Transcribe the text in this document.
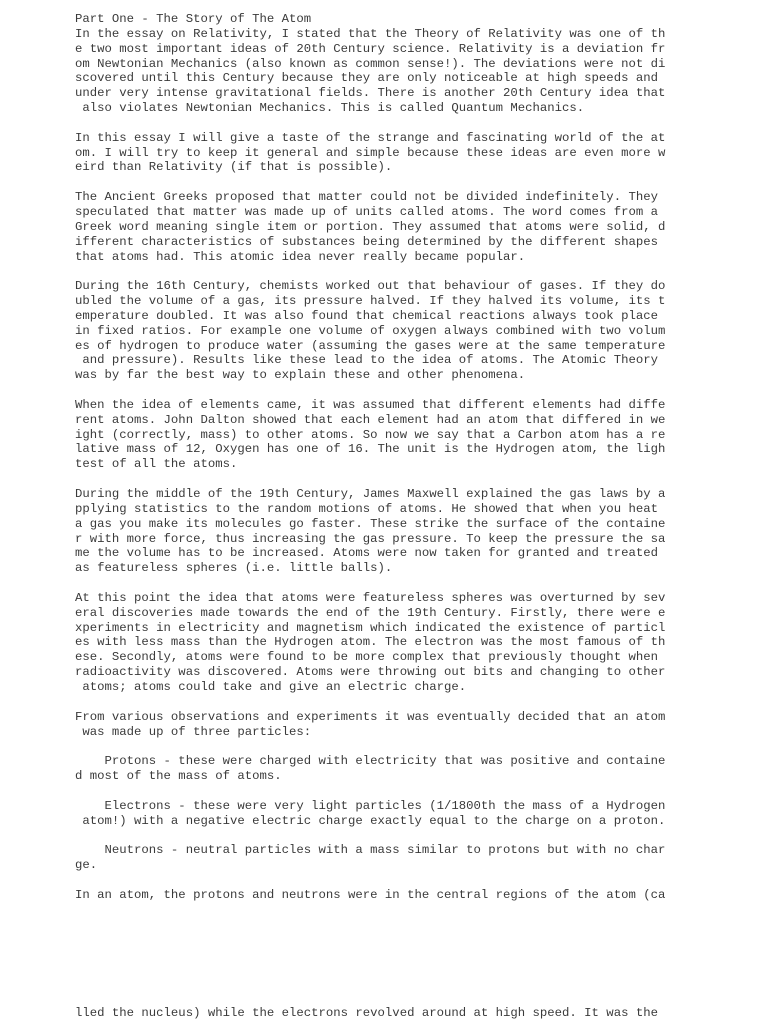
Part One - The Story of The Atom
In the essay on Relativity, I stated that the Theory of Relativity was one of th
e two most important ideas of 20th Century science. Relativity is a deviation fr
om Newtonian Mechanics (also known as common sense!). The deviations were not di
scovered until this Century because they are only noticeable at high speeds and
under very intense gravitational fields. There is another 20th Century idea that
also violates Newtonian Mechanics. This is called Quantum Mechanics.
In this essay I will give a taste of the strange and fascinating world of the at
om. I will try to keep it general and simple because these ideas are even more w
eird than Relativity (if that is possible).
The Ancient Greeks proposed that matter could not be divided indefinitely. They
speculated that matter was made up of units called atoms. The word comes from a
Greek word meaning single item or portion. They assumed that atoms were solid, d
ifferent characteristics of substances being determined by the different shapes
that atoms had. This atomic idea never really became popular.
During the 16th Century, chemists worked out that behaviour of gases. If they do
ubled the volume of a gas, its pressure halved. If they halved its volume, its t
emperature doubled. It was also found that chemical reactions always took place
in fixed ratios. For example one volume of oxygen always combined with two volum
es of hydrogen to produce water (assuming the gases were at the same temperature
and pressure). Results like these lead to the idea of atoms. The Atomic Theory
was by far the best way to explain these and other phenomena.
When the idea of elements came, it was assumed that different elements had diffe
rent atoms. John Dalton showed that each element had an atom that differed in we
ight (correctly, mass) to other atoms. So now we say that a Carbon atom has a re
lative mass of 12, Oxygen has one of 16. The unit is the Hydrogen atom, the ligh
test of all the atoms.
During the middle of the 19th Century, James Maxwell explained the gas laws by a
pplying statistics to the random motions of atoms. He showed that when you heat
a gas you make its molecules go faster. These strike the surface of the containe
r with more force, thus increasing the gas pressure. To keep the pressure the sa
me the volume has to be increased. Atoms were now taken for granted and treated
as featureless spheres (i.e. little balls).
At this point the idea that atoms were featureless spheres was overturned by sev
eral discoveries made towards the end of the 19th Century. Firstly, there were e
xperiments in electricity and magnetism which indicated the existence of particl
es with less mass than the Hydrogen atom. The electron was the most famous of th
ese. Secondly, atoms were found to be more complex that previously thought when
radioactivity was discovered. Atoms were throwing out bits and changing to other
atoms; atoms could take and give an electric charge.
From various observations and experiments it was eventually decided that an atom
was made up of three particles:
Protons - these were charged with electricity that was positive and containe
d most of the mass of atoms.
Electrons - these were very light particles (1/1800th the mass of a Hydrogen
atom!) with a negative electric charge exactly equal to the charge on a proton.
Neutrons - neutral particles with a mass similar to protons but with no char
ge.
In an atom, the protons and neutrons were in the central regions of the atom (ca
lled the nucleus) while the electrons revolved around at high speed. It was the
